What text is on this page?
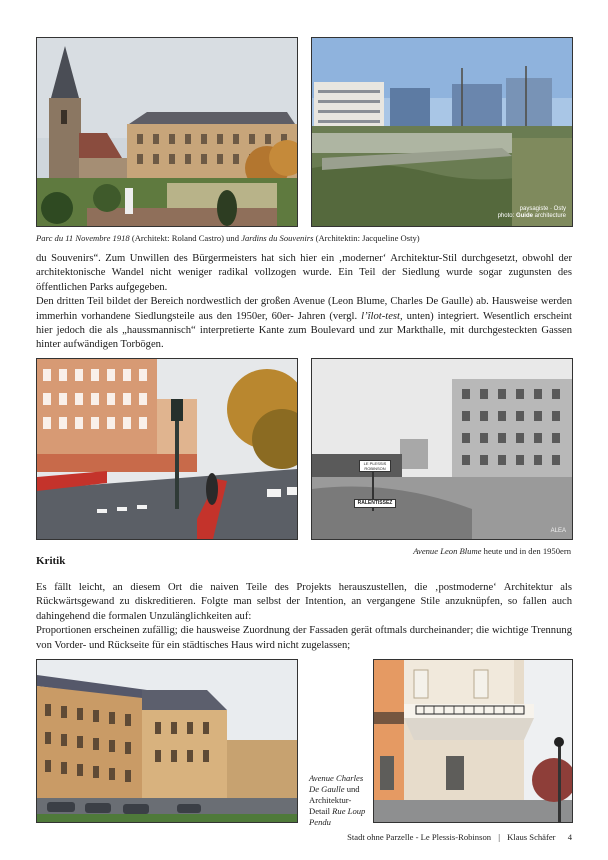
paysagiste · Osty
photo: Guide architecture
Parc du 11 Novembre 1918 (Architekt: Roland Castro) und Jardins du Souvenirs (Architektin: Jacqueline Osty)

du Souvenirs“. Zum Unwillen des Bürgermeisters hat sich hier ein ‚moderner‘ Architektur-Stil durchgesetzt, obwohl der architektonische Wandel nicht weniger radikal vollzogen wurde. Ein Teil der Siedlung wurde sogar zugunsten des öffentlichen Parks aufgegeben.

Den dritten Teil bildet der Bereich nordwestlich der großen Avenue (Leon Blume, Charles De Gaulle) ab. Hausweise werden immerhin vorhandene Siedlungsteile aus den 1950er, 60er- Jahren (vergl. l’îlot-test, unten) integriert. Wesentlich erscheint hier jedoch die als „haussmannisch“ interpretierte Kante zum Boulevard und zur Markthalle, mit durchgesteckten Gassen hinter aufwändigen Torbögen.

LE PLESSIS ROBINSON
RALENTISSEZ
ALEA
Avenue Leon Blume heute und in den 1950ern
Kritik

Es fällt leicht, an diesem Ort die naiven Teile des Projekts herauszustellen, die ‚postmoderne‘ Architektur als Rückwärtsgewand zu diskreditieren. Folgte man selbst der Intention, an vergangene Stile anzuknüpfen, so fallen auch dahingehend die formalen Unzulänglichkeiten auf:

Proportionen erscheinen zufällig; die hausweise Zuordnung der Fassaden gerät oftmals durcheinander; die wichtige Trennung von Vorder- und Rückseite für ein städtisches Haus wird nicht zugelassen;

Avenue Charles De Gaulle und Architektur-Detail Rue Loup Pendu
Stadt ohne Parzelle - Le Plessis-Robinson | Klaus Schäfer 4
